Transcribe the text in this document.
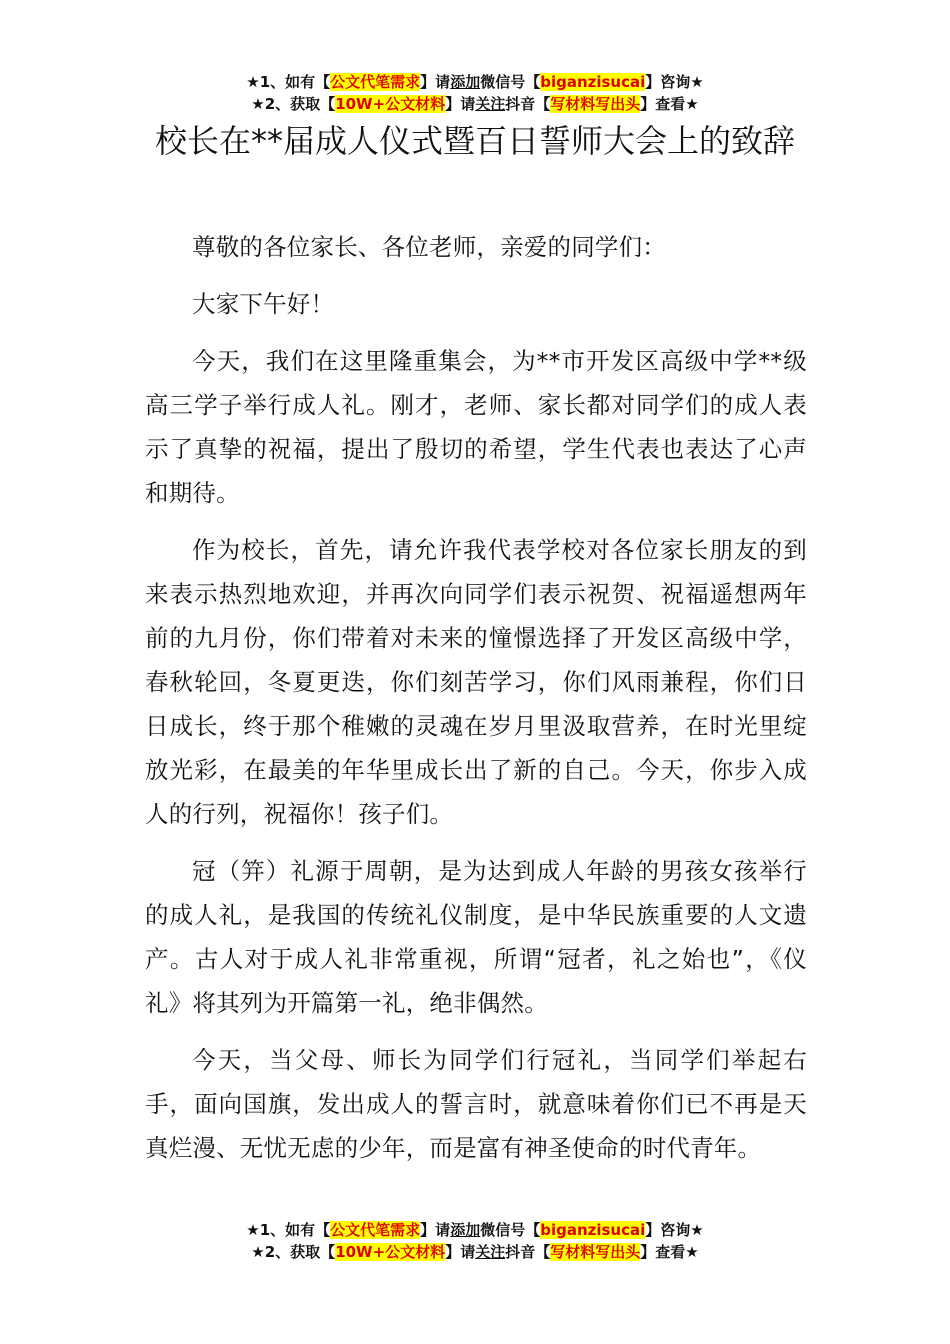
★1、如有【公文代笔需求】请添加微信号【biganzisucai】咨询★
★2、获取【10W+公文材料】请关注抖音【写材料写出头】查看★
校长在**届成人仪式暨百日誓师大会上的致辞

尊敬的各位家长、各位老师，亲爱的同学们：

大家下午好！

今天，我们在这里隆重集会，为**市开发区高级中学**级高三学子举行成人礼。刚才，老师、家长都对同学们的成人表示了真挚的祝福，提出了殷切的希望，学生代表也表达了心声和期待。

作为校长，首先，请允许我代表学校对各位家长朋友的到来表示热烈地欢迎，并再次向同学们表示祝贺、祝福遥想两年前的九月份，你们带着对未来的憧憬选择了开发区高级中学，春秋轮回，冬夏更迭，你们刻苦学习，你们风雨兼程，你们日日成长，终于那个稚嫩的灵魂在岁月里汲取营养，在时光里绽放光彩，在最美的年华里成长出了新的自己。今天，你步入成人的行列，祝福你！孩子们。

冠（笄）礼源于周朝，是为达到成人年龄的男孩女孩举行的成人礼，是我国的传统礼仪制度，是中华民族重要的人文遗产。古人对于成人礼非常重视，所谓“冠者，礼之始也”，《仪礼》将其列为开篇第一礼，绝非偶然。

今天，当父母、师长为同学们行冠礼，当同学们举起右手，面向国旗，发出成人的誓言时，就意味着你们已不再是天真烂漫、无忧无虑的少年，而是富有神圣使命的时代青年。

★1、如有【公文代笔需求】请添加微信号【biganzisucai】咨询★
★2、获取【10W+公文材料】请关注抖音【写材料写出头】查看★
